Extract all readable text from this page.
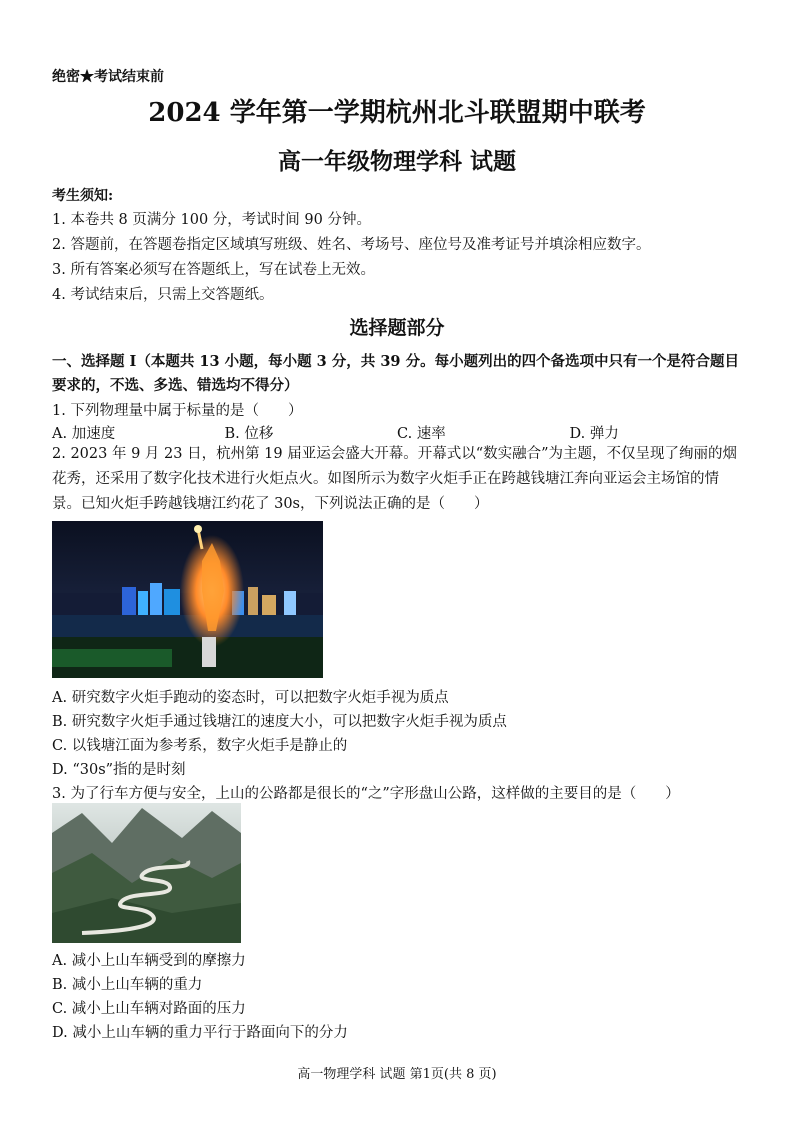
绝密★考试结束前
2024 学年第一学期杭州北斗联盟期中联考
高一年级物理学科 试题
考生须知:
1. 本卷共 8 页满分 100 分，考试时间 90 分钟。
2. 答题前，在答题卷指定区域填写班级、姓名、考场号、座位号及准考证号并填涂相应数字。
3. 所有答案必须写在答题纸上，写在试卷上无效。
4. 考试结束后，只需上交答题纸。
选择题部分
一、选择题 I（本题共 13 小题，每小题 3 分，共 39 分。每小题列出的四个备选项中只有一个是符合题目要求的，不选、多选、错选均不得分）
1. 下列物理量中属于标量的是（　　）
A. 加速度	B. 位移	C. 速率	D. 弹力
2. 2023 年 9 月 23 日，杭州第 19 届亚运会盛大开幕。开幕式以“数实融合”为主题，不仅呈现了绚丽的烟花秀，还采用了数字化技术进行火炬点火。如图所示为数字火炬手正在跨越钱塘江奔向亚运会主场馆的情景。已知火炬手跨越钱塘江约花了 30s，下列说法正确的是（　　）
A. 研究数字火炬手跑动的姿态时，可以把数字火炬手视为质点
B. 研究数字火炬手通过钱塘江的速度大小，可以把数字火炬手视为质点
C. 以钱塘江面为参考系，数字火炬手是静止的
D. “30s”指的是时刻
3. 为了行车方便与安全，上山的公路都是很长的“之”字形盘山公路，这样做的主要目的是（　　）
A. 减小上山车辆受到的摩擦力
B. 减小上山车辆的重力
C. 减小上山车辆对路面的压力
D. 减小上山车辆的重力平行于路面向下的分力
高一物理学科 试题 第1页(共 8 页)
